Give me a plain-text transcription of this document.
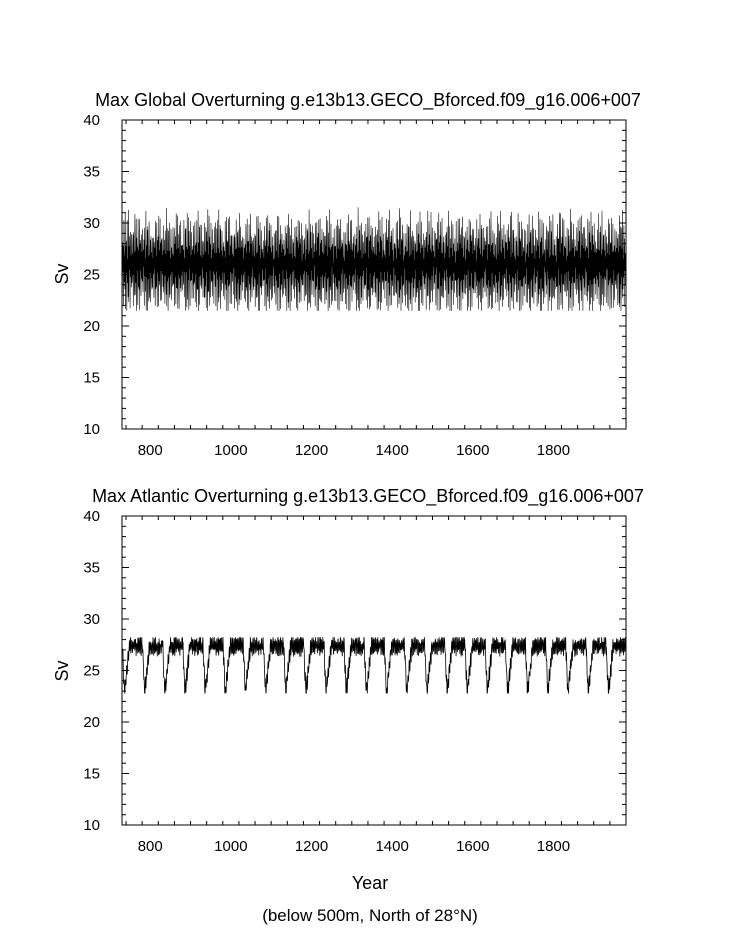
Max Global Overturning g.e13b13.GECO_Bforced.f09_g16.006+007
Sv
800	1000	1200	1400	1600	1800
10
15
20
25
30
35
40
Max Atlantic Overturning g.e13b13.GECO_Bforced.f09_g16.006+007
Sv
800	1000	1200	1400	1600	1800
10
15
20
25
30
35
40
Year
(below 500m, North of 28°N)
